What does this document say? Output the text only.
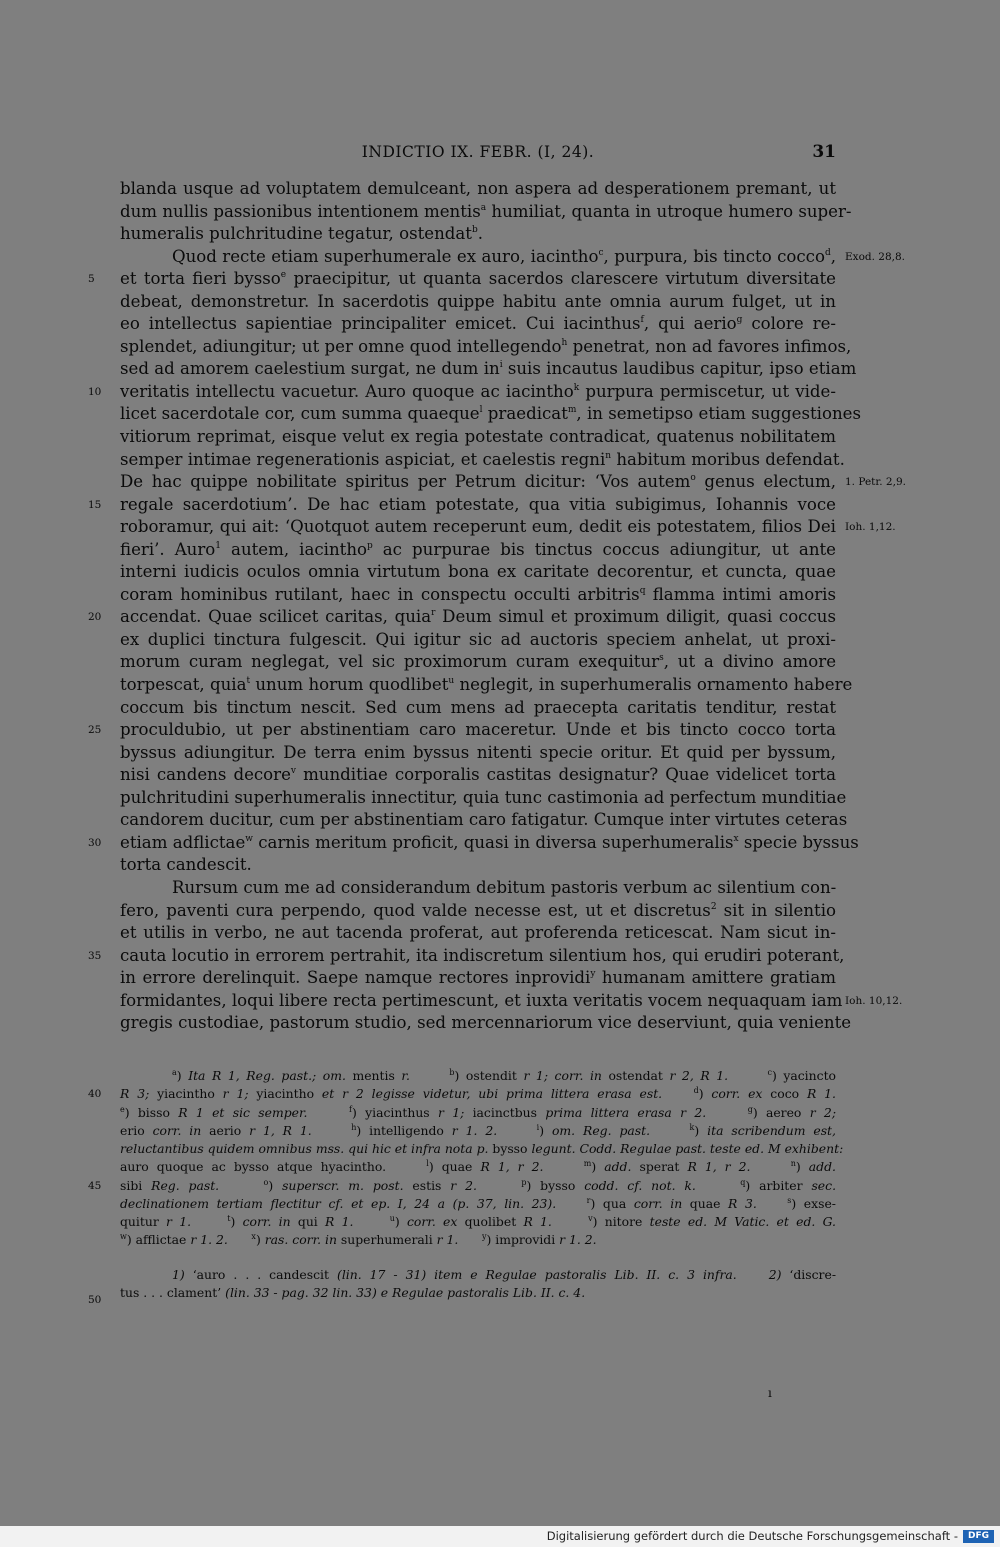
INDICTIO IX. FEBR. (I, 24).	31
blanda usque ad voluptatem demulceant, non aspera ad desperationem premant, ut
dum nullis passionibus intentionem mentis$^a$ humiliat, quanta in utroque humero super-
humeralis pulchritudine tegatur, ostendat$^b$.
Quod recte etiam superhumerale ex auro, iacintho$^c$, purpura, bis tincto cocco$^d$,
et torta fieri bysso$^e$ praecipitur, ut quanta sacerdos clarescere virtutum diversitate
debeat, demonstretur. In sacerdotis quippe habitu ante omnia aurum fulget, ut in
eo intellectus sapientiae principaliter emicet. Cui iacinthus$^f$, qui aerio$^g$ colore re-
splendet, adiungitur; ut per omne quod intellegendo$^h$ penetrat, non ad favores infimos,
sed ad amorem caelestium surgat, ne dum $in^i$ suis incautus laudibus capitur, ipso etiam
veritatis intellectu vacuetur. Auro quoque ac iacintho$^k$ purpura permiscetur, ut vide-
licet sacerdotale cor, cum summa quaeque$^l$ praedicat$^m$, in semetipso etiam suggestiones
vitiorum reprimat, eisque velut ex regia potestate contradicat, quatenus nobilitatem
semper intimae regenerationis aspiciat, et caelestis regni$^n$ habitum moribus defendat.
De hac quippe nobilitate spiritus per Petrum dicitur: ‘Vos autem$^o$ genus electum,
regale sacerdotium’. De hac etiam potestate, qua vitia subigimus, Iohannis voce
roboramur, qui ait: ‘Quotquot autem receperunt eum, dedit eis potestatem, filios Dei
fieri’. Auro$^1$ autem, iacintho$^p$ ac purpurae bis tinctus coccus adiungitur, ut ante
interni iudicis oculos omnia virtutum bona ex caritate decorentur, et cuncta, quae
coram hominibus rutilant, haec in conspectu occulti arbitris$^q$ flamma intimi amoris
accendat. Quae scilicet caritas, quia$^r$ Deum simul et proximum diligit, quasi coccus
ex duplici tinctura fulgescit. Qui igitur sic ad auctoris speciem anhelat, ut proxi-
morum curam neglegat, vel sic proximorum curam exequitur$^s$, ut a divino amore
torpescat, quia$^t$ unum horum quodlibet$^u$ neglegit, in superhumeralis ornamento habere
coccum bis tinctum nescit. Sed cum mens ad praecepta caritatis tenditur, restat
proculdubio, ut per abstinentiam caro maceretur. Unde et bis tincto cocco torta
byssus adiungitur. De terra enim byssus nitenti specie oritur. Et quid per byssum,
nisi candens decore$^v$ munditiae corporalis castitas designatur? Quae videlicet torta
pulchritudini superhumeralis innectitur, quia tunc castimonia ad perfectum munditiae
candorem ducitur, cum per abstinentiam caro fatigatur. Cumque inter virtutes ceteras
etiam adflictae$^w$ carnis meritum proficit, quasi in diversa superhumeralis$^x$ specie byssus
torta candescit.
Rursum cum me ad considerandum debitum pastoris verbum ac silentium con-
fero, paventi cura perpendo, quod valde necesse est, ut et discretus$^2$ sit in silentio
et utilis in verbo, ne aut tacenda proferat, aut proferenda reticescat. Nam sicut in-
cauta locutio in errorem pertrahit, ita indiscretum silentium hos, qui erudiri poterant,
in errore derelinquit. Saepe namque rectores inprovidi$^y$ humanam amittere gratiam
formidantes, loqui libere recta pertimescunt, et iuxta veritatis vocem nequaquam iam
gregis custodiae, pastorum studio, sed mercennariorum vice deserviunt, quia veniente
5
10
15
20
25
30
35
Exod. 28,8.
1. Petr. 2,9.
Ioh. 1,12.
Ioh. 10,12.
$^a$) Ita R 1, Reg. past.; om. mentis r.	$^b$) ostendit r 1; corr. in ostendat r 2, R 1.	$^c$) yacincto
R 3; yiacintho r 1; yiacintho et r 2 legisse videtur, ubi prima littera erasa est.	$^d$) corr. ex coco R 1.
$^e$) bisso R 1 et sic semper.	$^f$) yiacinthus r 1; iacinctbus prima littera erasa r 2.	$^g$) aereo r 2;
erio corr. in aerio r 1, R 1.	$^h$) intelligendo r 1. 2.	$^i$) om. Reg. past.	$^k$) ita scribendum est,
reluctantibus quidem omnibus mss. qui hic et infra nota p. bysso legunt. Codd. Regulae past. teste ed. M exhibent:
auro quoque ac bysso atque hyacintho.     $^l$) quae R 1, r 2.	$^m$) add. sperat R 1, r 2.	$^n$) add.
sibi Reg. past.	$^o$) superscr. m. post. estis r 2.	$^p$) bysso codd. cf. not. k.	$^q$) arbiter sec.
declinationem tertiam flectitur cf. et ep. I, 24 a (p. 37, lin. 23).	$^r$) qua corr. in quae R 3.	$^s$) exse-
quitur r 1.	$^t$) corr. in qui R 1.	$^u$) corr. ex quolibet R 1.	$^v$) nitore teste ed. M Vatic. et ed. G.
$^w$) afflictae r 1. 2.	$^x$) ras. corr. in superhumerali r 1.	$^y$) improvidi r 1. 2.
1) ‘auro . . . candescit (lin. 17 - 31) item e Regulae pastoralis Lib. II. c. 3 infra.	2) ‘discre-
tus . . . clament’ (lin. 33 - pag. 32 lin. 33) e Regulae pastoralis Lib. II. c. 4.
40
45
50
ı
Digitalisierung gefördert durch die Deutsche Forschungsgemeinschaft -	DFG
